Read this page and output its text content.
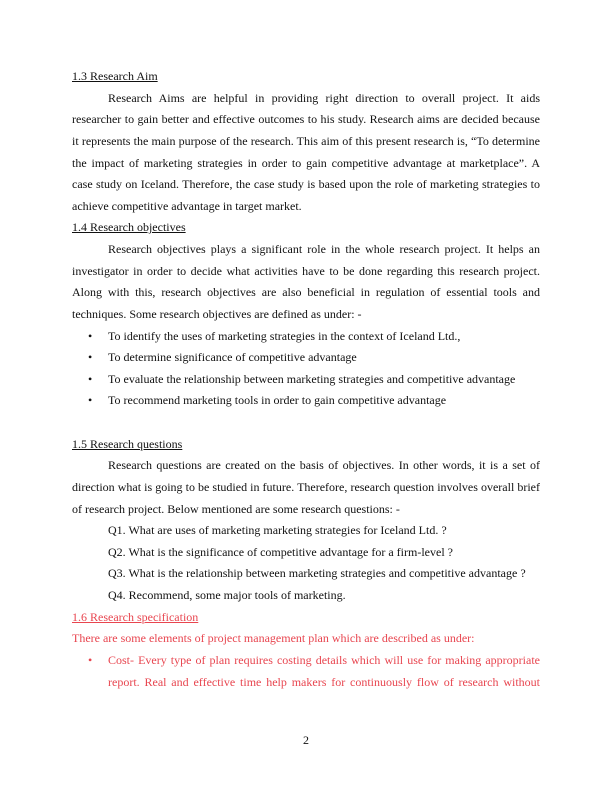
1.3 Research Aim
Research Aims are helpful in providing right direction to overall project. It aids
researcher to gain better and effective outcomes to his study. Research aims are decided because
it represents the main purpose of the research. This aim of this present research is, “To determine
the impact of marketing strategies in order to gain competitive advantage at marketplace”. A
case study on Iceland. Therefore, the case study is based upon the role of marketing strategies to
achieve competitive advantage in target market.
1.4 Research objectives
Research objectives plays a significant role in the whole research project. It helps an
investigator in order to decide what activities have to be done regarding this research project.
Along with this, research objectives are also beneficial in regulation of essential tools and
techniques. Some research objectives are defined as under: -
• To identify the uses of marketing strategies in the context of Iceland Ltd.,
• To determine significance of competitive advantage
• To evaluate the relationship between marketing strategies and competitive advantage
• To recommend marketing tools in order to gain competitive advantage
1.5 Research questions
Research questions are created on the basis of objectives. In other words, it is a set of
direction what is going to be studied in future. Therefore, research question involves overall brief
of research project. Below mentioned are some research questions: -
Q1. What are uses of marketing marketing strategies for Iceland Ltd. ?
Q2. What is the significance of competitive advantage for a firm-level ?
Q3. What is the relationship between marketing strategies and competitive advantage ?
Q4. Recommend, some major tools of marketing.
1.6 Research specification
There are some elements of project management plan which are described as under:
• Cost- Every type of plan requires costing details which will use for making appropriate
report. Real and effective time help makers for continuously flow of research without
2
